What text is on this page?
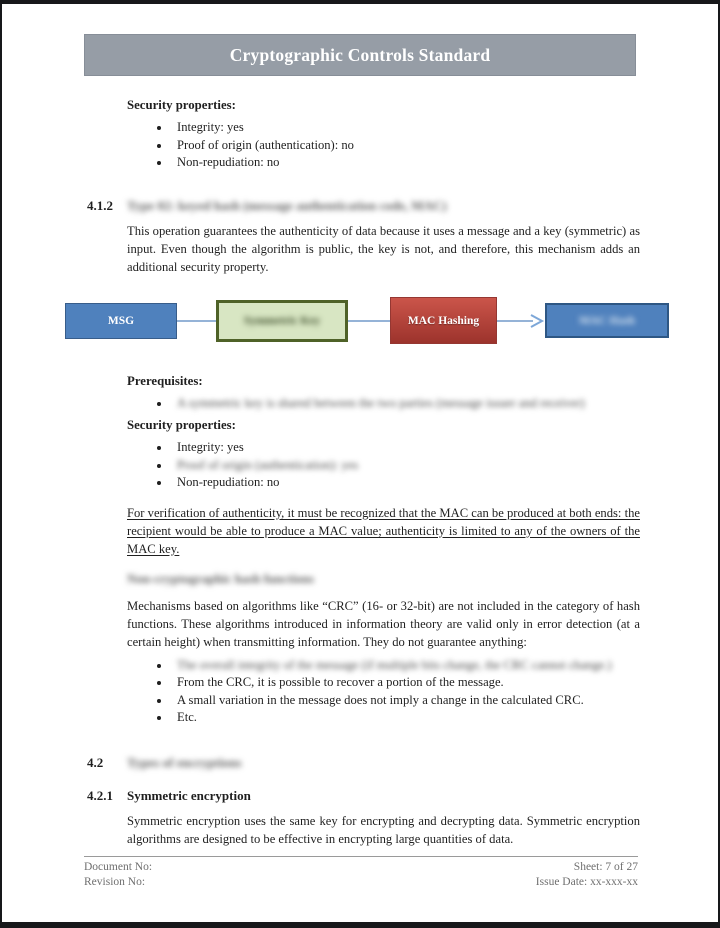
Cryptographic Controls Standard

Security properties:

• Integrity: yes
• Proof of origin (authentication): no
• Non-repudiation: no
4.1.2	Type 02: keyed hash (message authentication code, MAC)

This operation guarantees the authenticity of data because it uses a message and a key (symmetric) as input. Even though the algorithm is public, the key is not, and therefore, this mechanism adds an additional security property.

MSG	Symmetric Key	MAC Hashing	MAC Hash

Prerequisites:

• A symmetric key is shared between the two parties (message issuer and receiver)

Security properties:

• Integrity: yes
• Proof of origin (authentication): yes
• Non-repudiation: no

For verification of authenticity, it must be recognized that the MAC can be produced at both ends: the recipient would be able to produce a MAC value; authenticity is limited to any of the owners of the MAC key.

Non-cryptographic hash functions

Mechanisms based on algorithms like “CRC” (16- or 32-bit) are not included in the category of hash functions. These algorithms introduced in information theory are valid only in error detection (at a certain height) when transmitting information. They do not guarantee anything:

• The overall integrity of the message (if multiple bits change, the CRC cannot change.)
• From the CRC, it is possible to recover a portion of the message.
• A small variation in the message does not imply a change in the calculated CRC.
• Etc.
4.2	Types of encryptions
4.2.1	Symmetric encryption

Symmetric encryption uses the same key for encrypting and decrypting data. Symmetric encryption algorithms are designed to be effective in encrypting large quantities of data.

Document No:
Revision No:
Sheet: 7 of 27
Issue Date: xx-xxx-xx
